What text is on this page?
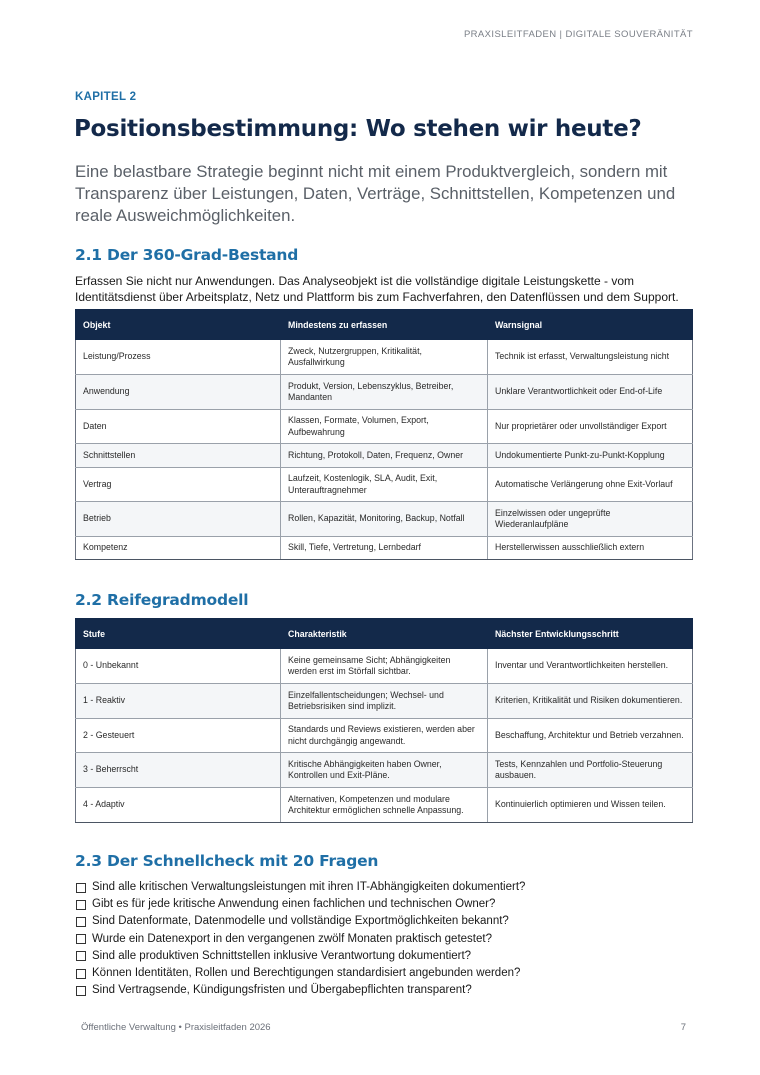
PRAXISLEITFADEN | DIGITALE SOUVERÄNITÄT
KAPITEL 2
Positionsbestimmung: Wo stehen wir heute?

Eine belastbare Strategie beginnt nicht mit einem Produktvergleich, sondern mit Transparenz über Leistungen, Daten, Verträge, Schnittstellen, Kompetenzen und reale Ausweichmöglichkeiten.

2.1 Der 360-Grad-Bestand

Erfassen Sie nicht nur Anwendungen. Das Analyseobjekt ist die vollständige digitale Leistungskette - vom Identitätsdienst über Arbeitsplatz, Netz und Plattform bis zum Fachverfahren, den Datenflüssen und dem Support.

Objekt	Mindestens zu erfassen	Warnsignal
Leistung/Prozess	Zweck, Nutzergruppen, Kritikalität, Ausfallwirkung	Technik ist erfasst, Verwaltungsleistung nicht
Anwendung	Produkt, Version, Lebenszyklus, Betreiber, Mandanten	Unklare Verantwortlichkeit oder End-of-Life
Daten	Klassen, Formate, Volumen, Export, Aufbewahrung	Nur proprietärer oder unvollständiger Export
Schnittstellen	Richtung, Protokoll, Daten, Frequenz, Owner	Undokumentierte Punkt-zu-Punkt-Kopplung
Vertrag	Laufzeit, Kostenlogik, SLA, Audit, Exit, Unterauftragnehmer	Automatische Verlängerung ohne Exit-Vorlauf
Betrieb	Rollen, Kapazität, Monitoring, Backup, Notfall	Einzelwissen oder ungeprüfte Wiederanlaufpläne
Kompetenz	Skill, Tiefe, Vertretung, Lernbedarf	Herstellerwissen ausschließlich extern
2.2 Reifegradmodell
Stufe	Charakteristik	Nächster Entwicklungsschritt
0 - Unbekannt	Keine gemeinsame Sicht; Abhängigkeiten werden erst im Störfall sichtbar.	Inventar und Verantwortlichkeiten herstellen.
1 - Reaktiv	Einzelfallentscheidungen; Wechsel- und Betriebsrisiken sind implizit.	Kriterien, Kritikalität und Risiken dokumentieren.
2 - Gesteuert	Standards und Reviews existieren, werden aber nicht durchgängig angewandt.	Beschaffung, Architektur und Betrieb verzahnen.
3 - Beherrscht	Kritische Abhängigkeiten haben Owner, Kontrollen und Exit-Pläne.	Tests, Kennzahlen und Portfolio-Steuerung ausbauen.
4 - Adaptiv	Alternativen, Kompetenzen und modulare Architektur ermöglichen schnelle Anpassung.	Kontinuierlich optimieren und Wissen teilen.
2.3 Der Schnellcheck mit 20 Fragen
Sind alle kritischen Verwaltungsleistungen mit ihren IT-Abhängigkeiten dokumentiert?
Gibt es für jede kritische Anwendung einen fachlichen und technischen Owner?
Sind Datenformate, Datenmodelle und vollständige Exportmöglichkeiten bekannt?
Wurde ein Datenexport in den vergangenen zwölf Monaten praktisch getestet?
Sind alle produktiven Schnittstellen inklusive Verantwortung dokumentiert?
Können Identitäten, Rollen und Berechtigungen standardisiert angebunden werden?
Sind Vertragsende, Kündigungsfristen und Übergabepflichten transparent?
Öffentliche Verwaltung • Praxisleitfaden 2026	7
